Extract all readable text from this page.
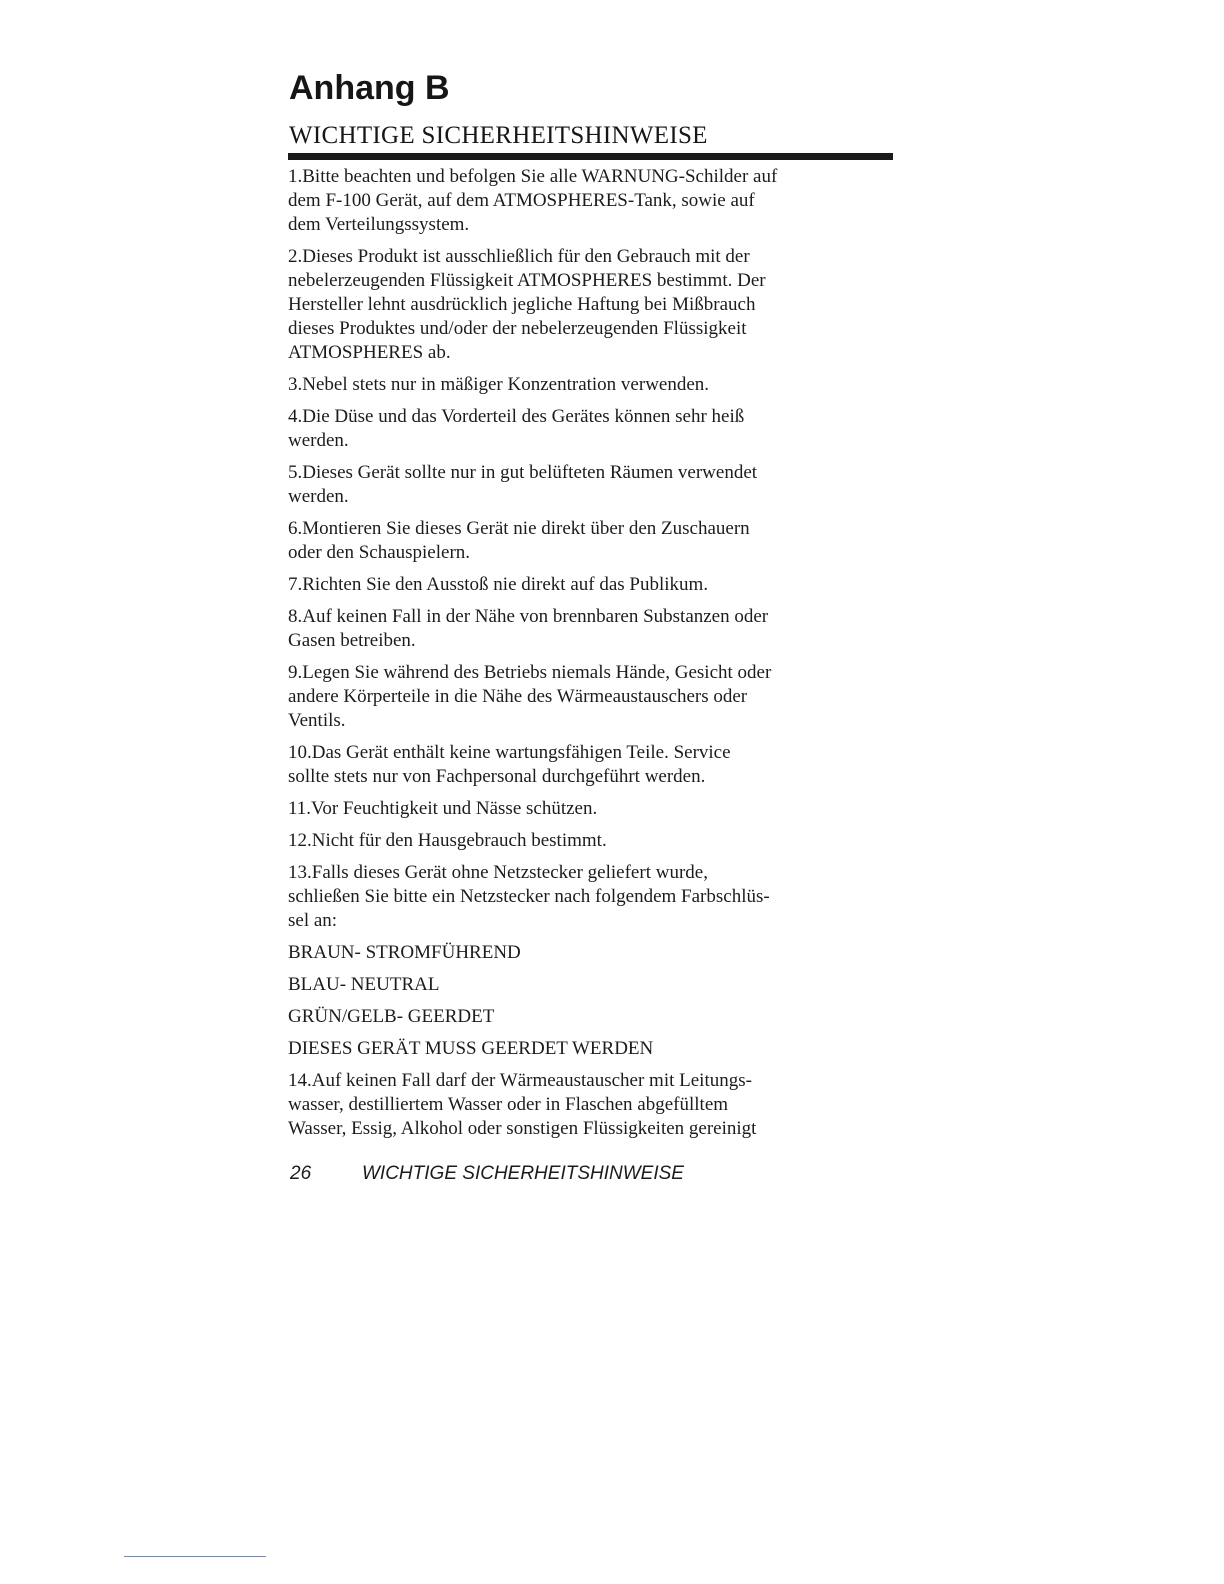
Anhang B
WICHTIGE SICHERHEITSHINWEISE

1.Bitte beachten und befolgen Sie alle WARNUNG-Schilder auf
dem F-100 Gerät, auf dem ATMOSPHERES-Tank, sowie auf
dem Verteilungssystem.

2.Dieses Produkt ist ausschließlich für den Gebrauch mit der
nebelerzeugenden Flüssigkeit ATMOSPHERES bestimmt. Der
Hersteller lehnt ausdrücklich jegliche Haftung bei Mißbrauch
dieses Produktes und/oder der nebelerzeugenden Flüssigkeit
ATMOSPHERES ab.

3.Nebel stets nur in mäßiger Konzentration verwenden.

4.Die Düse und das Vorderteil des Gerätes können sehr heiß
werden.

5.Dieses Gerät sollte nur in gut belüfteten Räumen verwendet
werden.

6.Montieren Sie dieses Gerät nie direkt über den Zuschauern
oder den Schauspielern.

7.Richten Sie den Ausstoß nie direkt auf das Publikum.

8.Auf keinen Fall in der Nähe von brennbaren Substanzen oder
Gasen betreiben.

9.Legen Sie während des Betriebs niemals Hände, Gesicht oder
andere Körperteile in die Nähe des Wärmeaustauschers oder
Ventils.

10.Das Gerät enthält keine wartungsfähigen Teile. Service
sollte stets nur von Fachpersonal durchgeführt werden.

11.Vor Feuchtigkeit und Nässe schützen.

12.Nicht für den Hausgebrauch bestimmt.

13.Falls dieses Gerät ohne Netzstecker geliefert wurde,
schließen Sie bitte ein Netzstecker nach folgendem Farbschlüs-
sel an:

BRAUN- STROMFÜHREND

BLAU- NEUTRAL

GRÜN/GELB- GEERDET

DIESES GERÄT MUSS GEERDET WERDEN

14.Auf keinen Fall darf der Wärmeaustauscher mit Leitungs-
wasser, destilliertem Wasser oder in Flaschen abgefülltem
Wasser, Essig, Alkohol oder sonstigen Flüssigkeiten gereinigt

26	WICHTIGE SICHERHEITSHINWEISE
